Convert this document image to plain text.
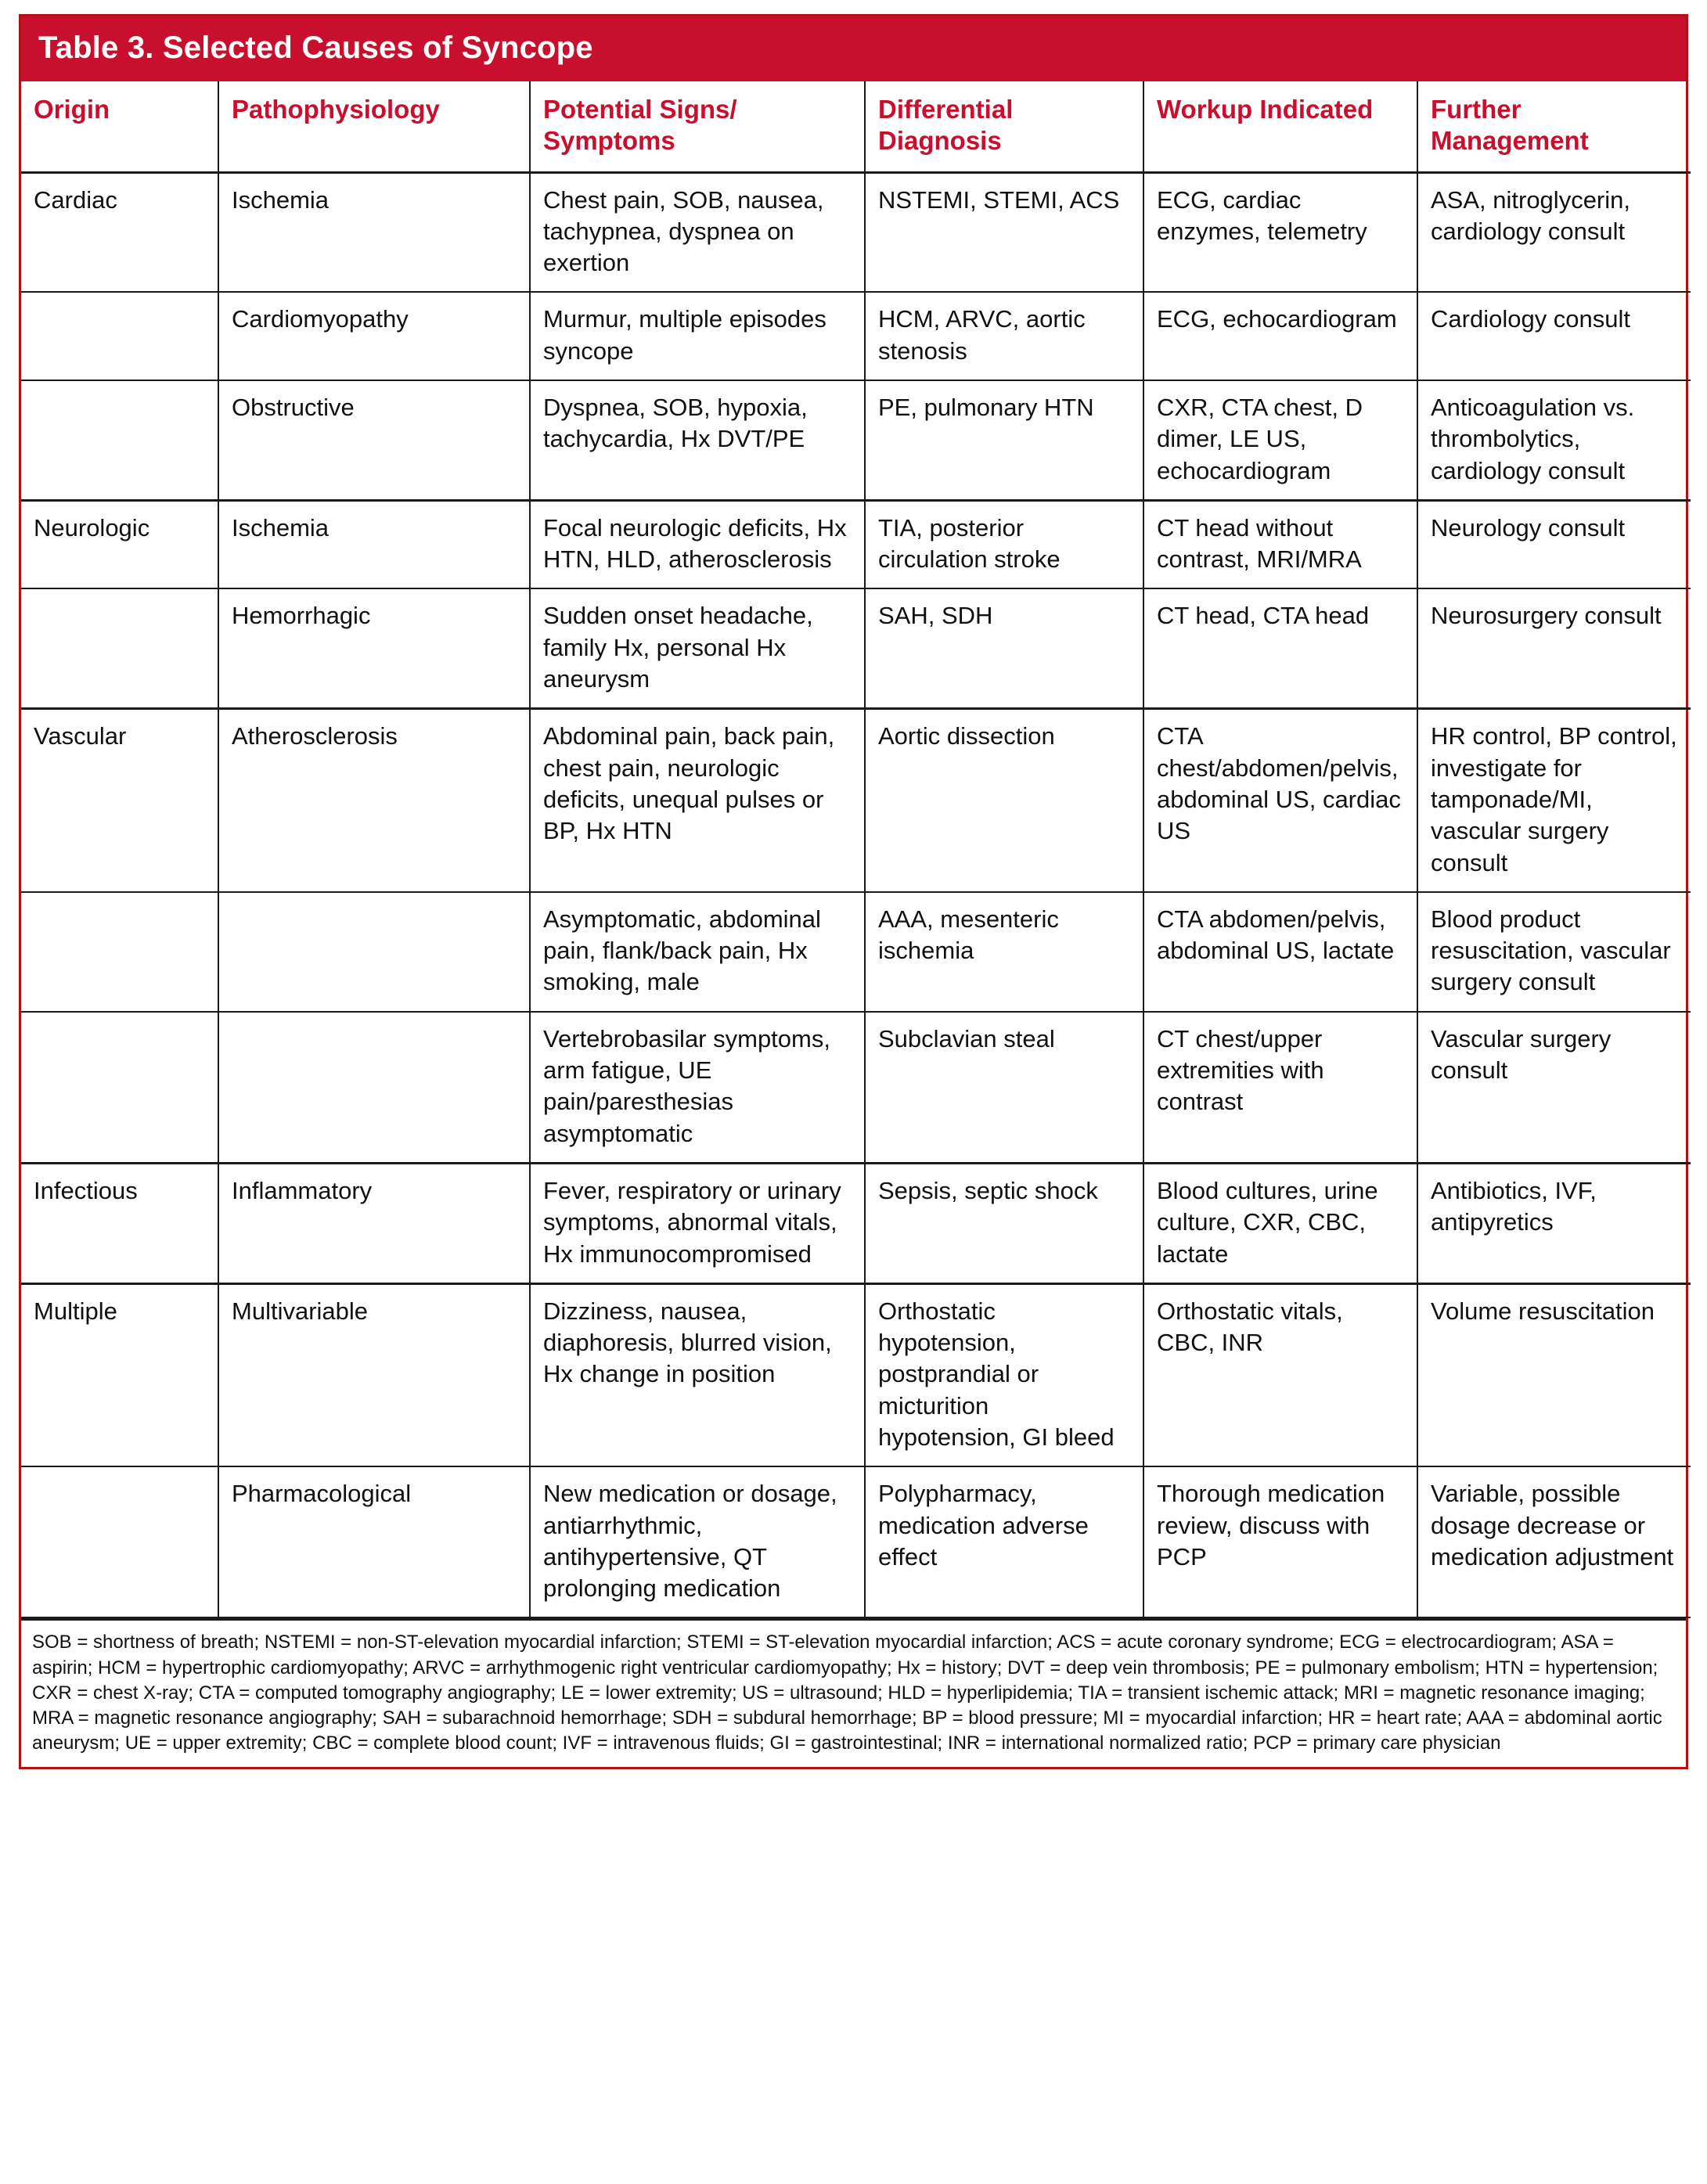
Table 3. Selected Causes of Syncope
Origin	Pathophysiology	Potential Signs/ Symptoms	Differential Diagnosis	Workup Indicated	Further Management
Cardiac	Ischemia	Chest pain, SOB, nausea, tachypnea, dyspnea on exertion	NSTEMI, STEMI, ACS	ECG, cardiac enzymes, telemetry	ASA, nitroglycerin, cardiology consult
	Cardiomyopathy	Murmur, multiple episodes syncope	HCM, ARVC, aortic stenosis	ECG, echocardiogram	Cardiology consult
	Obstructive	Dyspnea, SOB, hypoxia, tachycardia, Hx DVT/PE	PE, pulmonary HTN	CXR, CTA chest, D dimer, LE US, echocardiogram	Anticoagulation vs. thrombolytics, cardiology consult
Neurologic	Ischemia	Focal neurologic deficits, Hx HTN, HLD, atherosclerosis	TIA, posterior circulation stroke	CT head without contrast, MRI/MRA	Neurology consult
	Hemorrhagic	Sudden onset headache, family Hx, personal Hx aneurysm	SAH, SDH	CT head, CTA head	Neurosurgery consult
Vascular	Atherosclerosis	Abdominal pain, back pain, chest pain, neurologic deficits, unequal pulses or BP, Hx HTN	Aortic dissection	CTA chest/abdomen/pelvis, abdominal US, cardiac US	HR control, BP control, investigate for tamponade/MI, vascular surgery consult
		Asymptomatic, abdominal pain, flank/back pain, Hx smoking, male	AAA, mesenteric ischemia	CTA abdomen/pelvis, abdominal US, lactate	Blood product resuscitation, vascular surgery consult
		Vertebrobasilar symptoms, arm fatigue, UE pain/paresthesias asymptomatic	Subclavian steal	CT chest/upper extremities with contrast	Vascular surgery consult
Infectious	Inflammatory	Fever, respiratory or urinary symptoms, abnormal vitals, Hx immunocompromised	Sepsis, septic shock	Blood cultures, urine culture, CXR, CBC, lactate	Antibiotics, IVF, antipyretics
Multiple	Multivariable	Dizziness, nausea, diaphoresis, blurred vision, Hx change in position	Orthostatic hypotension, postprandial or micturition hypotension, GI bleed	Orthostatic vitals, CBC, INR	Volume resuscitation
	Pharmacological	New medication or dosage, antiarrhythmic, antihypertensive, QT prolonging medication	Polypharmacy, medication adverse effect	Thorough medication review, discuss with PCP	Variable, possible dosage decrease or medication adjustment

SOB = shortness of breath; NSTEMI = non-ST-elevation myocardial infarction; STEMI = ST-elevation myocardial infarction; ACS = acute coronary syndrome; ECG = electrocardiogram; ASA = aspirin; HCM = hypertrophic cardiomyopathy; ARVC = arrhythmogenic right ventricular cardiomyopathy; Hx = history; DVT = deep vein thrombosis; PE = pulmonary embolism; HTN = hypertension; CXR = chest X-ray; CTA = computed tomography angiography; LE = lower extremity; US = ultrasound; HLD = hyperlipidemia; TIA = transient ischemic attack; MRI = magnetic resonance imaging; MRA = magnetic resonance angiography; SAH = subarachnoid hemorrhage; SDH = subdural hemorrhage; BP = blood pressure; MI = myocardial infarction; HR = heart rate; AAA = abdominal aortic aneurysm; UE = upper extremity; CBC = complete blood count; IVF = intravenous fluids; GI = gastrointestinal; INR = international normalized ratio; PCP = primary care physician
